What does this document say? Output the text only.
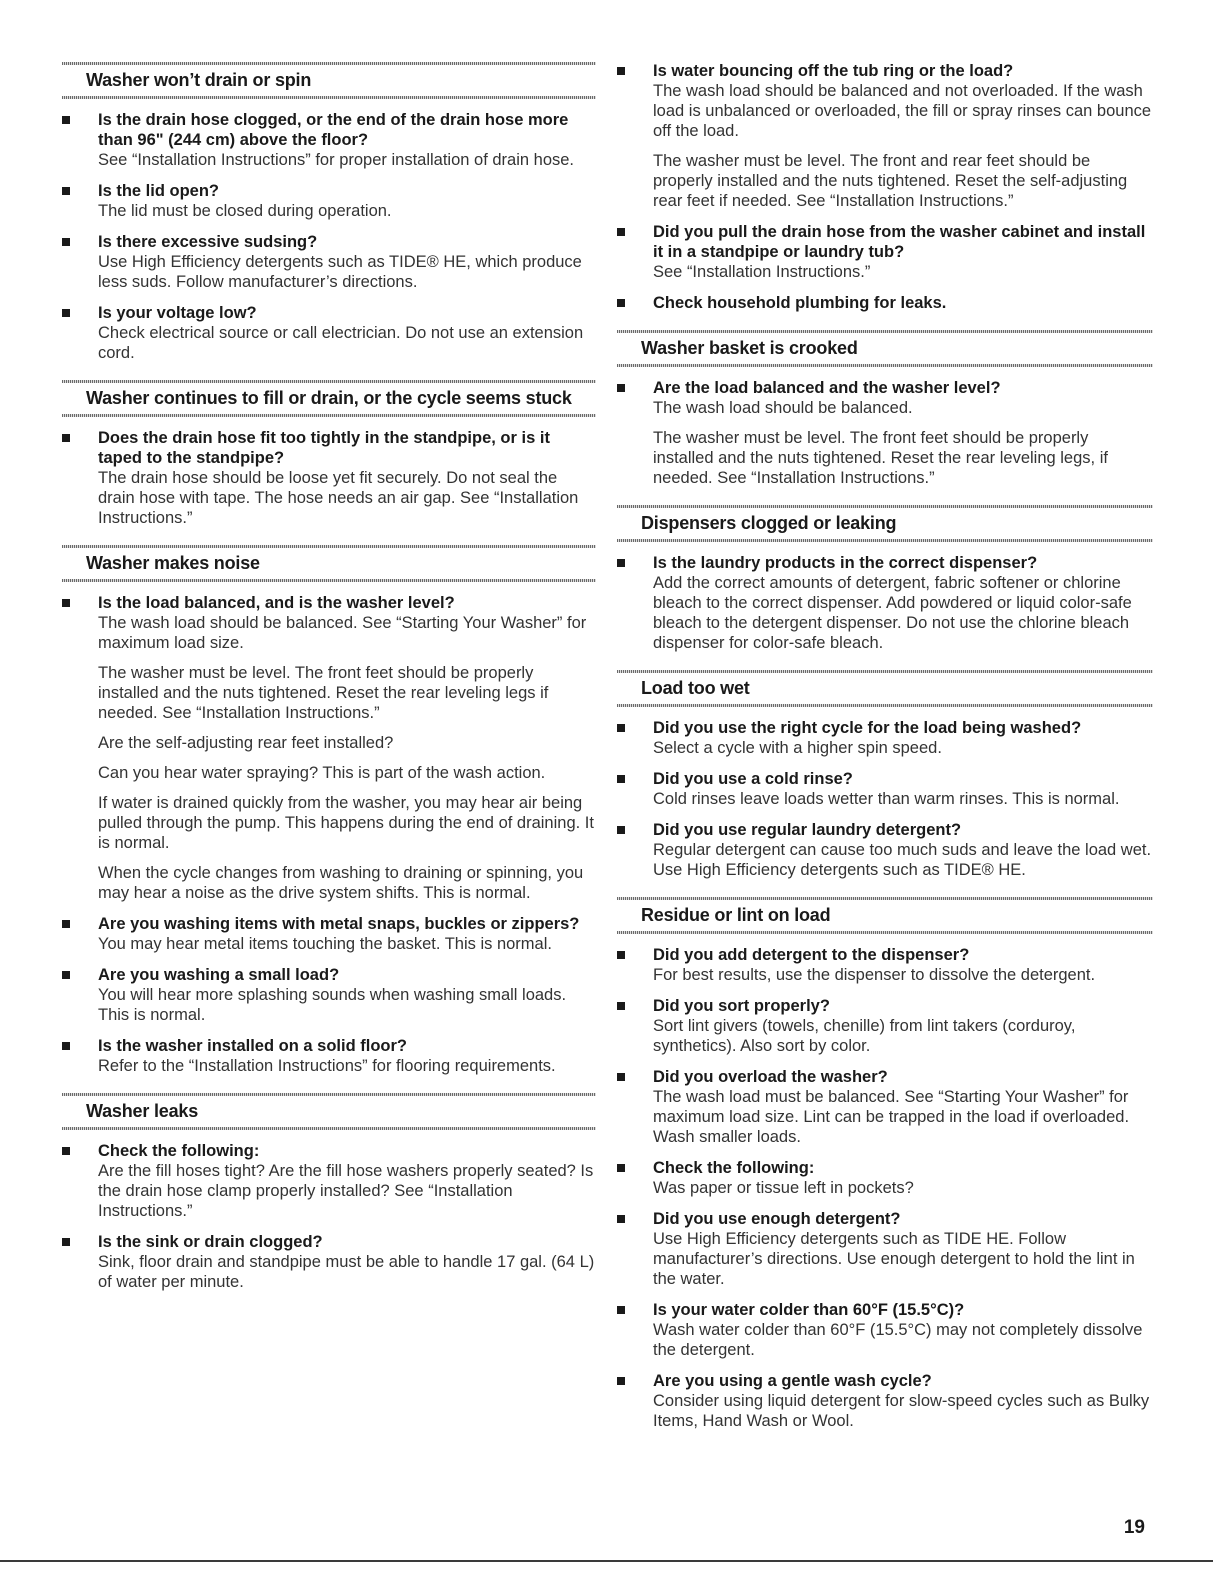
Washer won’t drain or spin
Is the drain hose clogged, or the end of the drain hose more than 96" (244 cm) above the floor?

See “Installation Instructions” for proper installation of drain hose.

Is the lid open?

The lid must be closed during operation.

Is there excessive sudsing?

Use High Efficiency detergents such as TIDE® HE, which produce less suds. Follow manufacturer’s directions.

Is your voltage low?

Check electrical source or call electrician. Do not use an extension cord.

Washer continues to fill or drain, or the cycle seems stuck
Does the drain hose fit too tightly in the standpipe, or is it taped to the standpipe?

The drain hose should be loose yet fit securely. Do not seal the drain hose with tape. The hose needs an air gap. See “Installation Instructions.”

Washer makes noise
Is the load balanced, and is the washer level?

The wash load should be balanced. See “Starting Your Washer” for maximum load size.

The washer must be level. The front feet should be properly installed and the nuts tightened. Reset the rear leveling legs if needed. See “Installation Instructions.”

Are the self-adjusting rear feet installed?

Can you hear water spraying? This is part of the wash action.

If water is drained quickly from the washer, you may hear air being pulled through the pump. This happens during the end of draining. It is normal.

When the cycle changes from washing to draining or spinning, you may hear a noise as the drive system shifts. This is normal.

Are you washing items with metal snaps, buckles or zippers?

You may hear metal items touching the basket. This is normal.

Are you washing a small load?

You will hear more splashing sounds when washing small loads. This is normal.

Is the washer installed on a solid floor?

Refer to the “Installation Instructions” for flooring requirements.

Washer leaks
Check the following:

Are the fill hoses tight? Are the fill hose washers properly seated? Is the drain hose clamp properly installed? See “Installation Instructions.”

Is the sink or drain clogged?

Sink, floor drain and standpipe must be able to handle 17 gal. (64 L) of water per minute.

Is water bouncing off the tub ring or the load?

The wash load should be balanced and not overloaded. If the wash load is unbalanced or overloaded, the fill or spray rinses can bounce off the load.

The washer must be level. The front and rear feet should be properly installed and the nuts tightened. Reset the self-adjusting rear feet if needed. See “Installation Instructions.”

Did you pull the drain hose from the washer cabinet and install it in a standpipe or laundry tub?

See “Installation Instructions.”

Check household plumbing for leaks.
Washer basket is crooked
Are the load balanced and the washer level?

The wash load should be balanced.

The washer must be level. The front feet should be properly installed and the nuts tightened. Reset the rear leveling legs, if needed. See “Installation Instructions.”

Dispensers clogged or leaking
Is the laundry products in the correct dispenser?

Add the correct amounts of detergent, fabric softener or chlorine bleach to the correct dispenser. Add powdered or liquid color-safe bleach to the detergent dispenser. Do not use the chlorine bleach dispenser for color-safe bleach.

Load too wet
Did you use the right cycle for the load being washed?

Select a cycle with a higher spin speed.

Did you use a cold rinse?

Cold rinses leave loads wetter than warm rinses. This is normal.

Did you use regular laundry detergent?

Regular detergent can cause too much suds and leave the load wet. Use High Efficiency detergents such as TIDE® HE.

Residue or lint on load
Did you add detergent to the dispenser?

For best results, use the dispenser to dissolve the detergent.

Did you sort properly?

Sort lint givers (towels, chenille) from lint takers (corduroy, synthetics). Also sort by color.

Did you overload the washer?

The wash load must be balanced. See “Starting Your Washer” for maximum load size. Lint can be trapped in the load if overloaded. Wash smaller loads.

Check the following:

Was paper or tissue left in pockets?

Did you use enough detergent?

Use High Efficiency detergents such as TIDE HE. Follow manufacturer’s directions. Use enough detergent to hold the lint in the water.

Is your water colder than 60°F (15.5°C)?

Wash water colder than 60°F (15.5°C) may not completely dissolve the detergent.

Are you using a gentle wash cycle?

Consider using liquid detergent for slow-speed cycles such as Bulky Items, Hand Wash or Wool.

19
